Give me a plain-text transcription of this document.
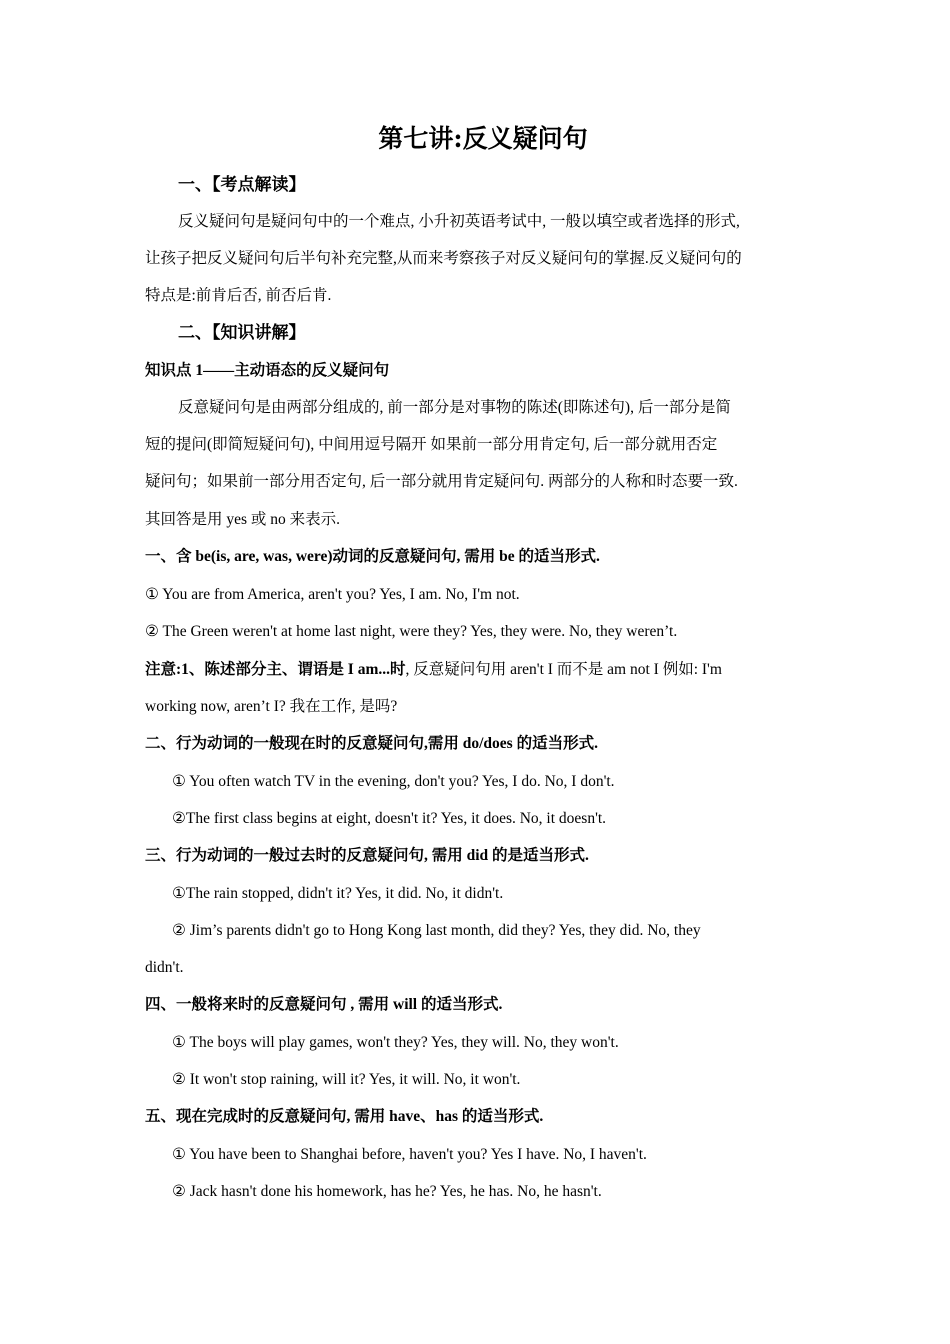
第七讲:反义疑问句
一、【考点解读】
反义疑问句是疑问句中的一个难点, 小升初英语考试中, 一般以填空或者选择的形式,
让孩子把反义疑问句后半句补充完整,从而来考察孩子对反义疑问句的掌握.反义疑问句的
特点是:前肯后否, 前否后肯.
二、【知识讲解】
知识点 1——主动语态的反义疑问句
反意疑问句是由两部分组成的, 前一部分是对事物的陈述(即陈述句), 后一部分是简
短的提问(即简短疑问句), 中间用逗号隔开 如果前一部分用肯定句, 后一部分就用否定
疑问句；如果前一部分用否定句, 后一部分就用肯定疑问句. 两部分的人称和时态要一致.
其回答是用 yes 或 no 来表示.
一、含 be(is, are, was, were)动词的反意疑问句, 需用 be 的适当形式.
① You are from America, aren't you? Yes, I am. No, I'm not.
② The Green weren't at home last night, were they? Yes, they were. No, they weren’t.
注意:1、陈述部分主、谓语是 I am...时, 反意疑问句用 aren't I 而不是 am not I 例如: I'm
working now, aren’t I? 我在工作, 是吗?
二、行为动词的一般现在时的反意疑问句,需用 do/does 的适当形式.
① You often watch TV in the evening, don't you? Yes, I do. No, I don't.
②The first class begins at eight, doesn't it? Yes, it does. No, it doesn't.
三、行为动词的一般过去时的反意疑问句, 需用 did 的是适当形式.
①The rain stopped, didn't it? Yes, it did. No, it didn't.
② Jim’s parents didn't go to Hong Kong last month, did they? Yes, they did. No, they
didn't.
四、一般将来时的反意疑问句 , 需用 will 的适当形式.
① The boys will play games, won't they? Yes, they will. No, they won't.
② It won't stop raining, will it? Yes, it will. No, it won't.
五、现在完成时的反意疑问句, 需用 have、has 的适当形式.
① You have been to Shanghai before, haven't you? Yes I have. No, I haven't.
② Jack hasn't done his homework, has he? Yes, he has. No, he hasn't.
